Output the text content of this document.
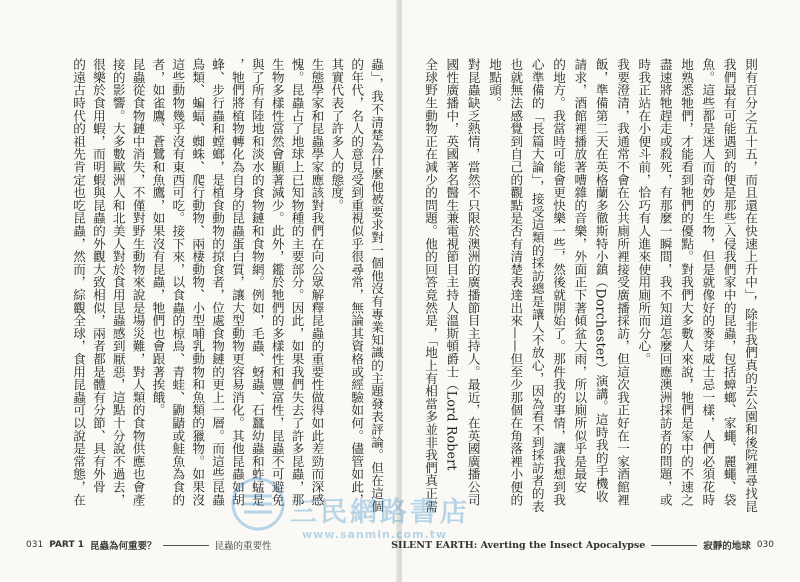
蟲」，我不清楚為什麼他被要求對一個他沒有專業知識的主題發表評論。但在這個
的年代，名人的意見受到重視似乎很尋常，無論其資格或經驗如何。儘管如此，
其實代表了許多人的態度。
生態學家和昆蟲學家應該對我們在向公眾解釋昆蟲的重要性做得如此差勁而深感
愧。昆蟲占了地球上已知物種的主要部分。因此，如果我們失去了許多昆蟲，那
生物多樣性當然會顯著減少。此外，鑑於牠們的多樣性和豐富性，昆蟲不可避免
與了所有陸地和淡水的食物鏈和食物網。例如，毛蟲、蚜蟲、石蠶幼蟲和蚱蜢是
，牠們將植物轉化為自身的昆蟲蛋白質，讓大型動物更容易消化。其他昆蟲如胡
蜂、步行蟲和螳螂，是植食動物的掠食者，位處食物鏈的更上一層。而這些昆蟲
鳥類、蝙蝠、蜘蛛、爬行動物、兩棲動物、小型哺乳動物和魚類的獵物。如果沒
這些動物幾乎沒有東西可吃。接下來，以食蟲的椋鳥、青蛙、鼩鼱或鮭魚為食的
者，如雀鷹、蒼鷺和魚鷹，如果沒有昆蟲，牠們也會跟著挨餓。
昆蟲從食物鏈中消失，不僅對野生動物來說是場災難，對人類的食物供應也會產
接的影響。大多數歐洲人和北美人對於食用昆蟲感到厭惡，這點十分說不過去，
很樂於食用蝦，而明蝦與昆蟲的外觀大致相似，兩者都是體有分節、具有外骨
的遠古時代的祖先肯定也吃昆蟲，然而，綜觀全球，食用昆蟲可以說是常態，在
031 PART 1 昆蟲為何重要？	昆蟲的重要性
則有百分之五十五，而且還在快速上升中」，除非我們真的去公園和後院裡尋找昆
我們最有可能遇到的便是那些入侵我們家中的昆蟲，包括蟑螂、家蠅、麗蠅、袋
魚。這些都是迷人而奇妙的生物，但是就像好的麥芽威士忌一樣，人們必須花時
地熟悉牠們，才能看到牠們的優點。對我們大多數人來說，牠們是家中的不速之
盡速將牠趕走或殺死，有那麼一瞬間，我不知道怎麼回應澳洲採訪者的問題，或
時我正站在小便斗前，恰巧有人進來使用廁所而分心。
我要澄清，我通常不會在公共廁所裡接受廣播採訪，但這次我正好在一家酒館裡
飯，準備第二天在英格蘭多徹斯特小鎮（Dorchester）演講。這時我的手機收
請求，酒館裡播放著嘈雜的音樂，外面正下著傾盆大雨，所以廁所似乎是最安
的地方。我當時可能會更快樂一些，然後就開始了。那件我的事情，讓我想到我
心準備的「長篇大論」，接受這類的採訪總是讓人不放心，因為看不到採訪者的表
也就無法感覺到自己的觀點是否有清楚表達出來——但至少那個在角落裡小便的
地點頭。
對昆蟲缺乏熱情，當然不只限於澳洲的廣播節目主持人。最近，在英國廣播公司
國性廣播中，英國著名醫生兼電視節目主持人溫斯頓爵士（Lord Robert
全球野生動物正在減少的問題。他的回答竟然是，「地上有相當多並非我們真正需
SILENT EARTH: Averting the Insect Apocalypse	寂靜的地球 030
三民網路書店
www.sanmin.com.tw
